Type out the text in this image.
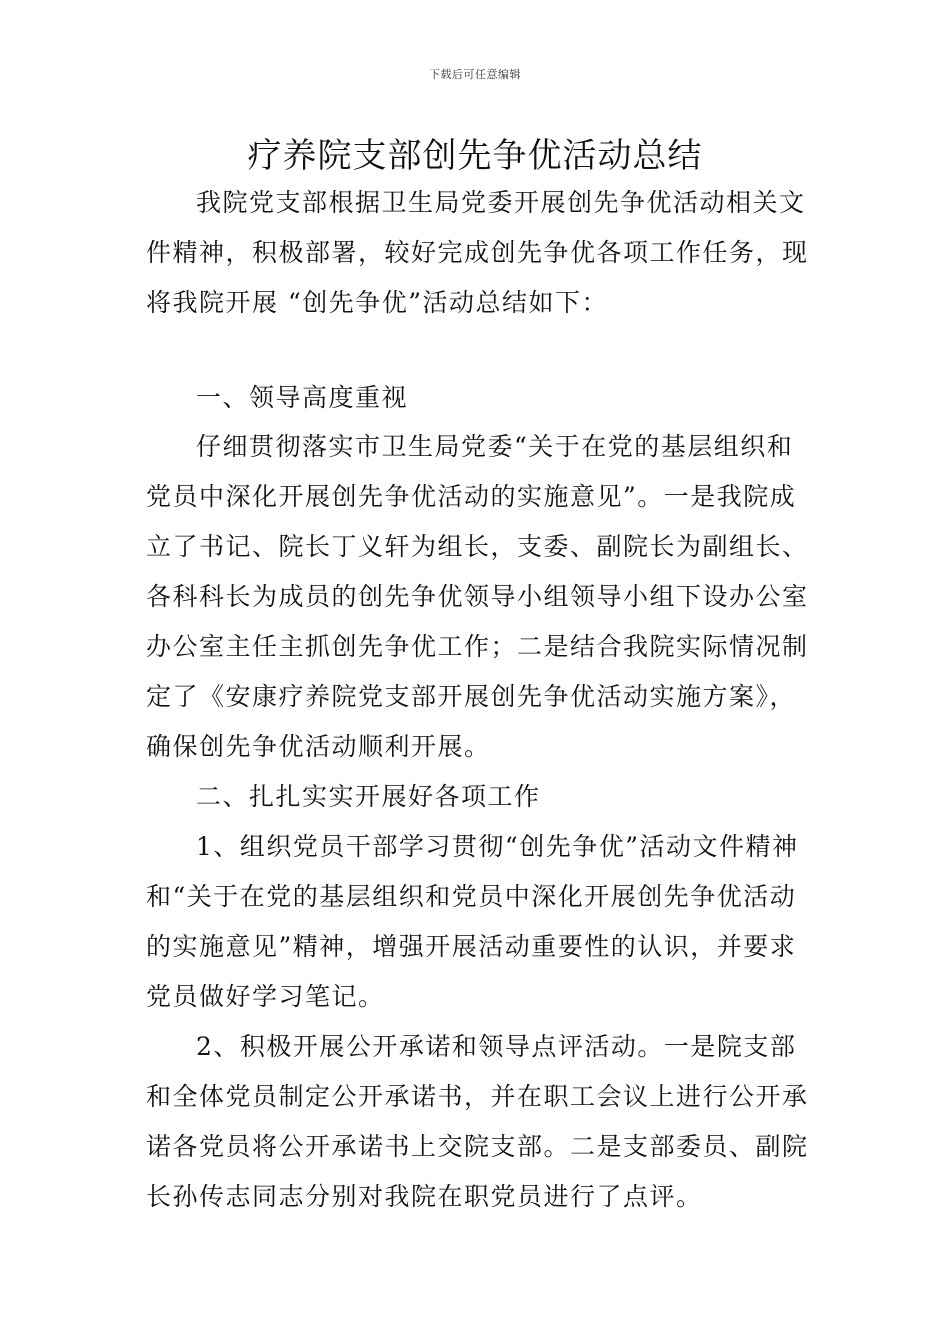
下载后可任意编辑
疗养院支部创先争优活动总结

我院党支部根据卫生局党委开展创先争优活动相关文件精神，积极部署，较好完成创先争优各项工作任务，现将我院开展 “创先争优”活动总结如下：

一、领导高度重视

仔细贯彻落实市卫生局党委“关于在党的基层组织和党员中深化开展创先争优活动的实施意见”。一是我院成立了书记、院长丁义轩为组长，支委、副院长为副组长、各科科长为成员的创先争优领导小组领导小组下设办公室办公室主任主抓创先争优工作；二是结合我院实际情况制定了《安康疗养院党支部开展创先争优活动实施方案》，确保创先争优活动顺利开展。

二、扎扎实实开展好各项工作

1、组织党员干部学习贯彻“创先争优”活动文件精神和“关于在党的基层组织和党员中深化开展创先争优活动的实施意见”精神，增强开展活动重要性的认识，并要求党员做好学习笔记。

2、积极开展公开承诺和领导点评活动。一是院支部和全体党员制定公开承诺书，并在职工会议上进行公开承诺各党员将公开承诺书上交院支部。二是支部委员、副院长孙传志同志分别对我院在职党员进行了点评。
